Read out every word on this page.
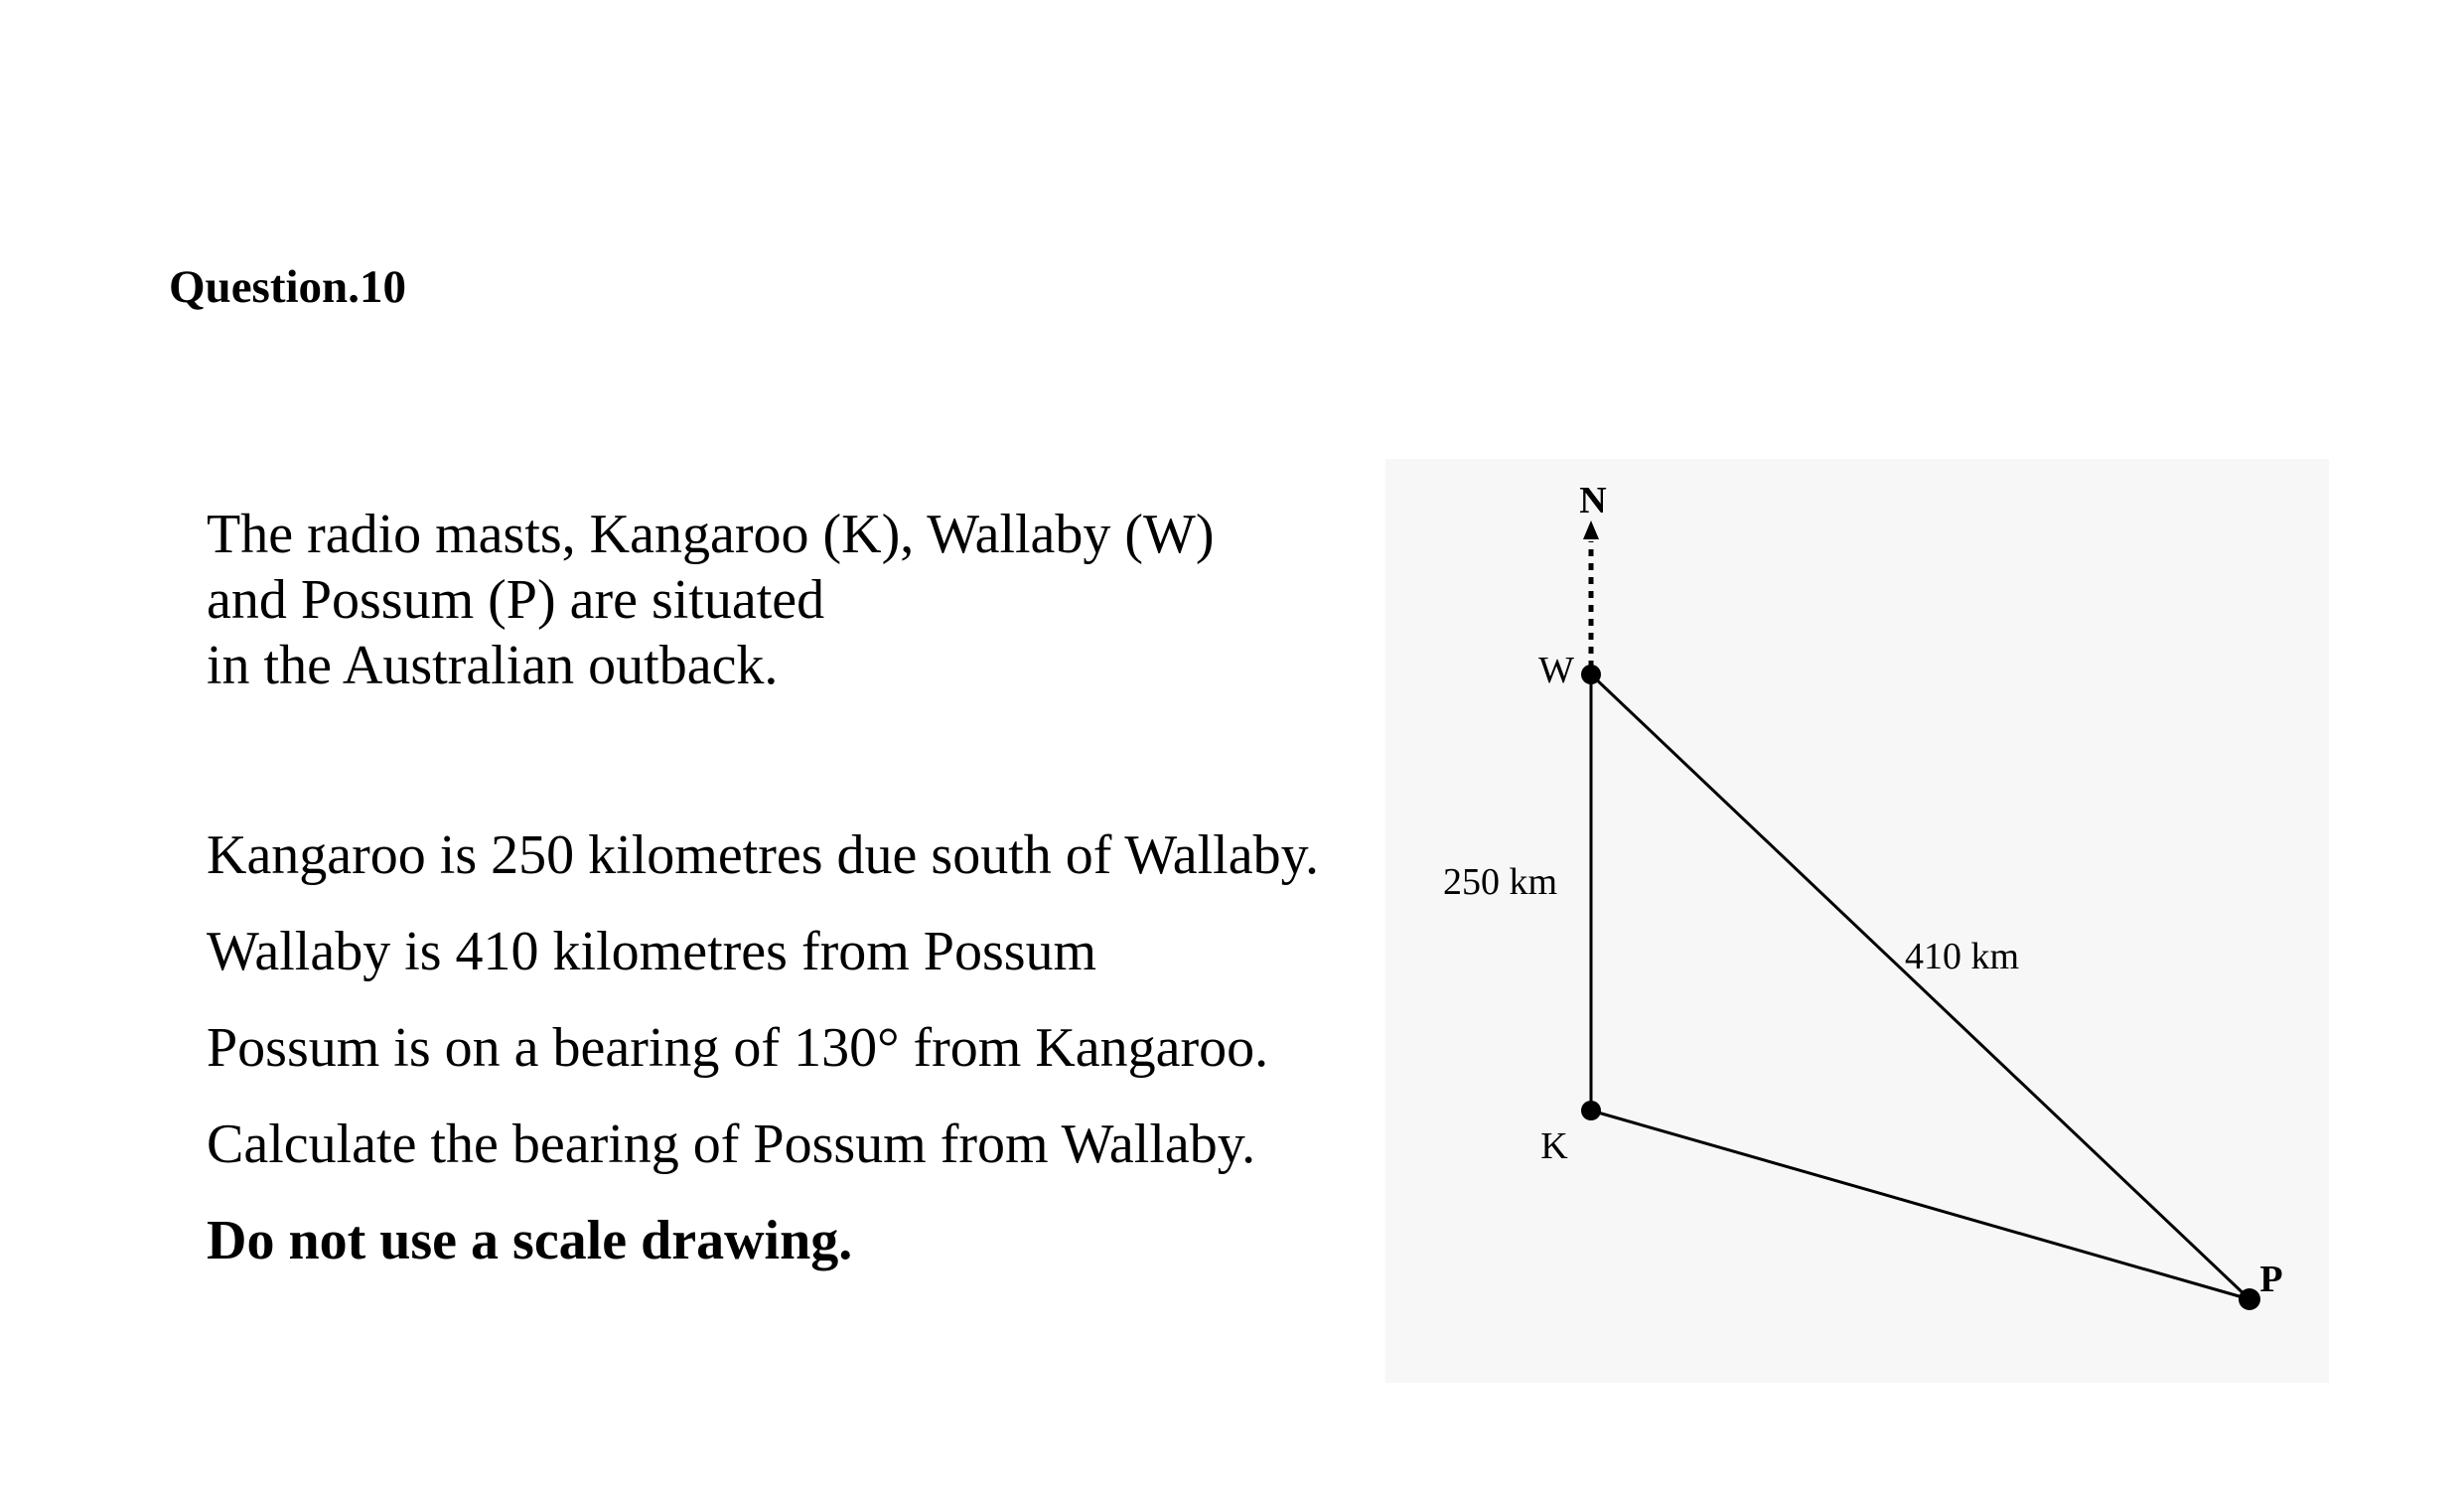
Question.10
The radio masts, Kangaroo (K), Wallaby (W)
and Possum (P) are situated
in the Australian outback.
Kangaroo is 250 kilometres due south of Wallaby.
Wallaby is 410 kilometres from Possum
Possum is on a bearing of 130° from Kangaroo.
Calculate the bearing of Possum from Wallaby.
Do not use a scale drawing.
N
W
K
P
250 km
410 km
